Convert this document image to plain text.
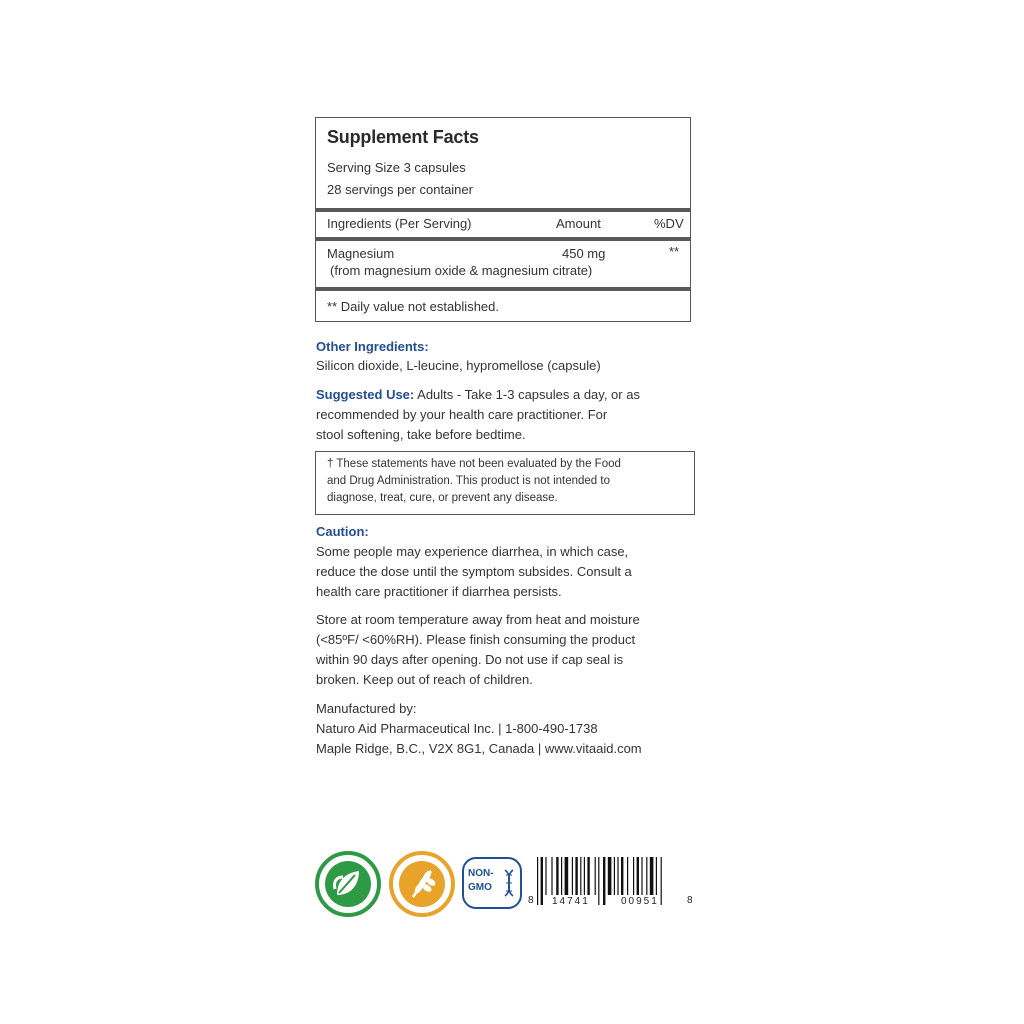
Supplement Facts
Serving Size 3 capsules
28 servings per container
Ingredients (Per Serving)	Amount	%DV
Magnesium	450 mg	**
(from magnesium oxide & magnesium citrate)
** Daily value not established.
Other Ingredients:
Silicon dioxide, L-leucine, hypromellose (capsule)
Suggested Use: Adults - Take 1-3 capsules a day, or as
recommended by your health care practitioner. For
stool softening, take before bedtime.
† These statements have not been evaluated by the Food
and Drug Administration. This product is not intended to
diagnose, treat, cure, or prevent any disease.
Caution:
Some people may experience diarrhea, in which case,
reduce the dose until the symptom subsides. Consult a
health care practitioner if diarrhea persists.
Store at room temperature away from heat and moisture
(<85ºF/ <60%RH). Please finish consuming the product
within 90 days after opening. Do not use if cap seal is
broken. Keep out of reach of children.
Manufactured by:
Naturo Aid Pharmaceutical Inc. | 1-800-490-1738
Maple Ridge, B.C., V2X 8G1, Canada | www.vitaaid.com
NON-
GMO
8 14741	00951	8
